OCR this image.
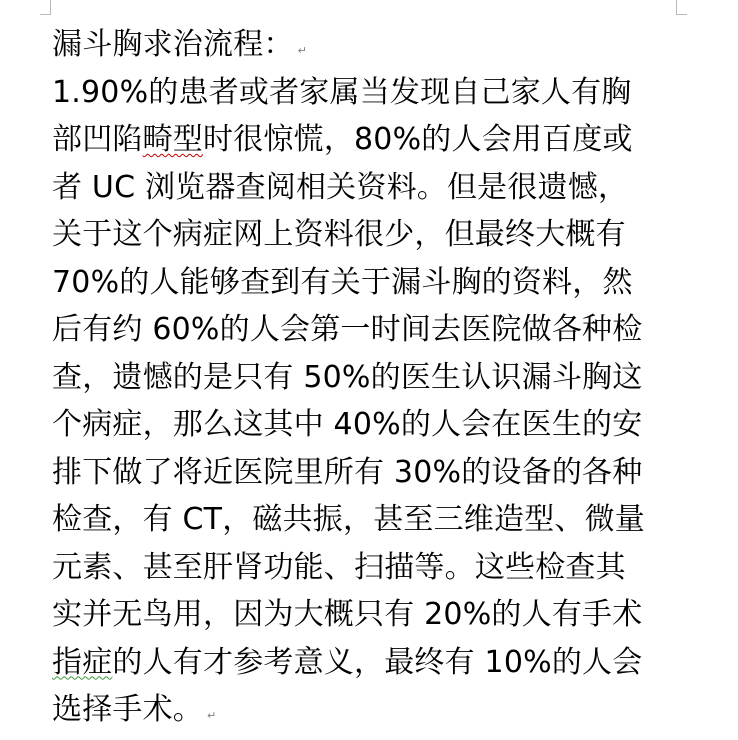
漏斗胸求治流程： ↵
1.90%的患者或者家属当发现自己家人有胸
部凹陷畸型时很惊慌，80%的人会用百度或
者 UC 浏览器查阅相关资料。但是很遗憾，
关于这个病症网上资料很少，但最终大概有
70%的人能够查到有关于漏斗胸的资料，然
后有约 60%的人会第一时间去医院做各种检
查，遗憾的是只有 50%的医生认识漏斗胸这
个病症，那么这其中 40%的人会在医生的安
排下做了将近医院里所有 30%的设备的各种
检查，有 CT，磁共振，甚至三维造型、微量
元素、甚至肝肾功能、扫描等。这些检查其
实并无鸟用，因为大概只有 20%的人有手术
指症的人有才参考意义，最终有 10%的人会
选择手术。 ↵
